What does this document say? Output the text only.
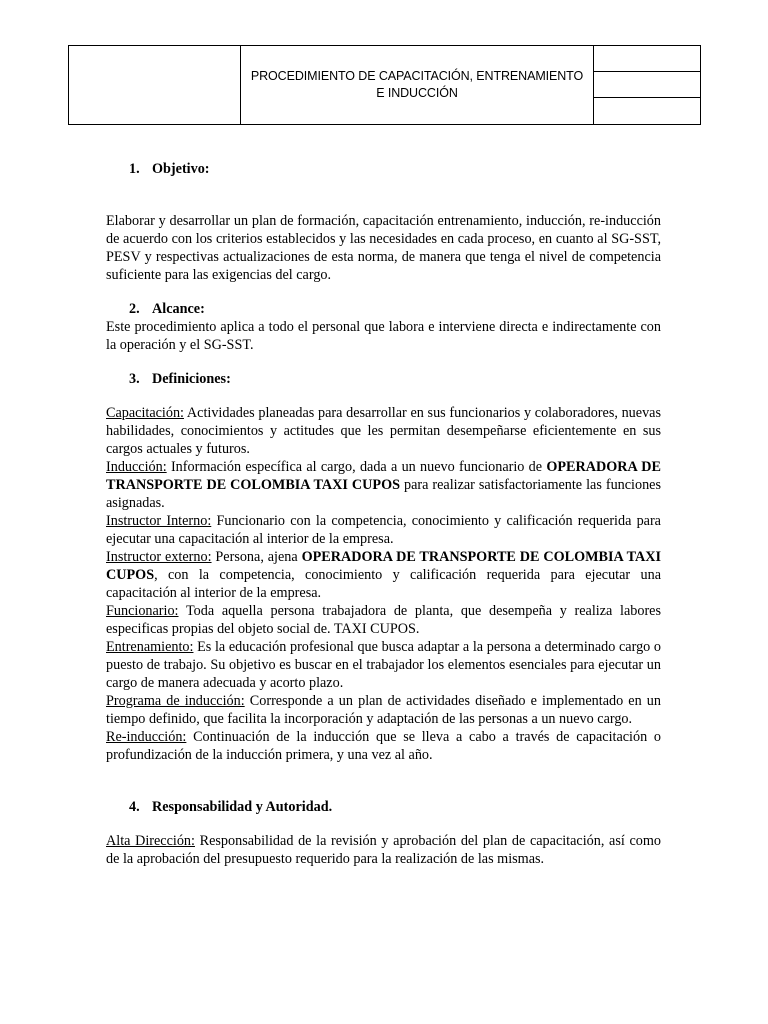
PROCEDIMIENTO DE CAPACITACIÓN, ENTRENAMIENTO
E INDUCCIÓN

1. Objetivo:

Elaborar y desarrollar un plan de formación, capacitación entrenamiento, inducción, re-inducción de acuerdo con los criterios establecidos y las necesidades en cada proceso, en cuanto al SG-SST, PESV y respectivas actualizaciones de esta norma, de manera que tenga el nivel de competencia suficiente para las exigencias del cargo.

2. Alcance:

Este procedimiento aplica a todo el personal que labora e interviene directa e indirectamente con la operación y el SG-SST.

3. Definiciones:

Capacitación: Actividades planeadas para desarrollar en sus funcionarios y colaboradores, nuevas habilidades, conocimientos y actitudes que les permitan desempeñarse eficientemente en sus cargos actuales y futuros.

Inducción: Información específica al cargo, dada a un nuevo funcionario de OPERADORA DE TRANSPORTE DE COLOMBIA TAXI CUPOS para realizar satisfactoriamente las funciones asignadas.

Instructor Interno: Funcionario con la competencia, conocimiento y calificación requerida para ejecutar una capacitación al interior de la empresa.

Instructor externo: Persona, ajena OPERADORA DE TRANSPORTE DE COLOMBIA TAXI CUPOS, con la competencia, conocimiento y calificación requerida para ejecutar una capacitación al interior de la empresa.

Funcionario: Toda aquella persona trabajadora de planta, que desempeña y realiza labores especificas propias del objeto social de. TAXI CUPOS.

Entrenamiento: Es la educación profesional que busca adaptar a la persona a determinado cargo o puesto de trabajo. Su objetivo es buscar en el trabajador los elementos esenciales para ejecutar un cargo de manera adecuada y acorto plazo.

Programa de inducción: Corresponde a un plan de actividades diseñado e implementado en un tiempo definido, que facilita la incorporación y adaptación de las personas a un nuevo cargo.

Re-inducción: Continuación de la inducción que se lleva a cabo a través de capacitación o profundización de la inducción primera, y una vez al año.

4. Responsabilidad y Autoridad.

Alta Dirección: Responsabilidad de la revisión y aprobación del plan de capacitación, así como de la aprobación del presupuesto requerido para la realización de las mismas.
